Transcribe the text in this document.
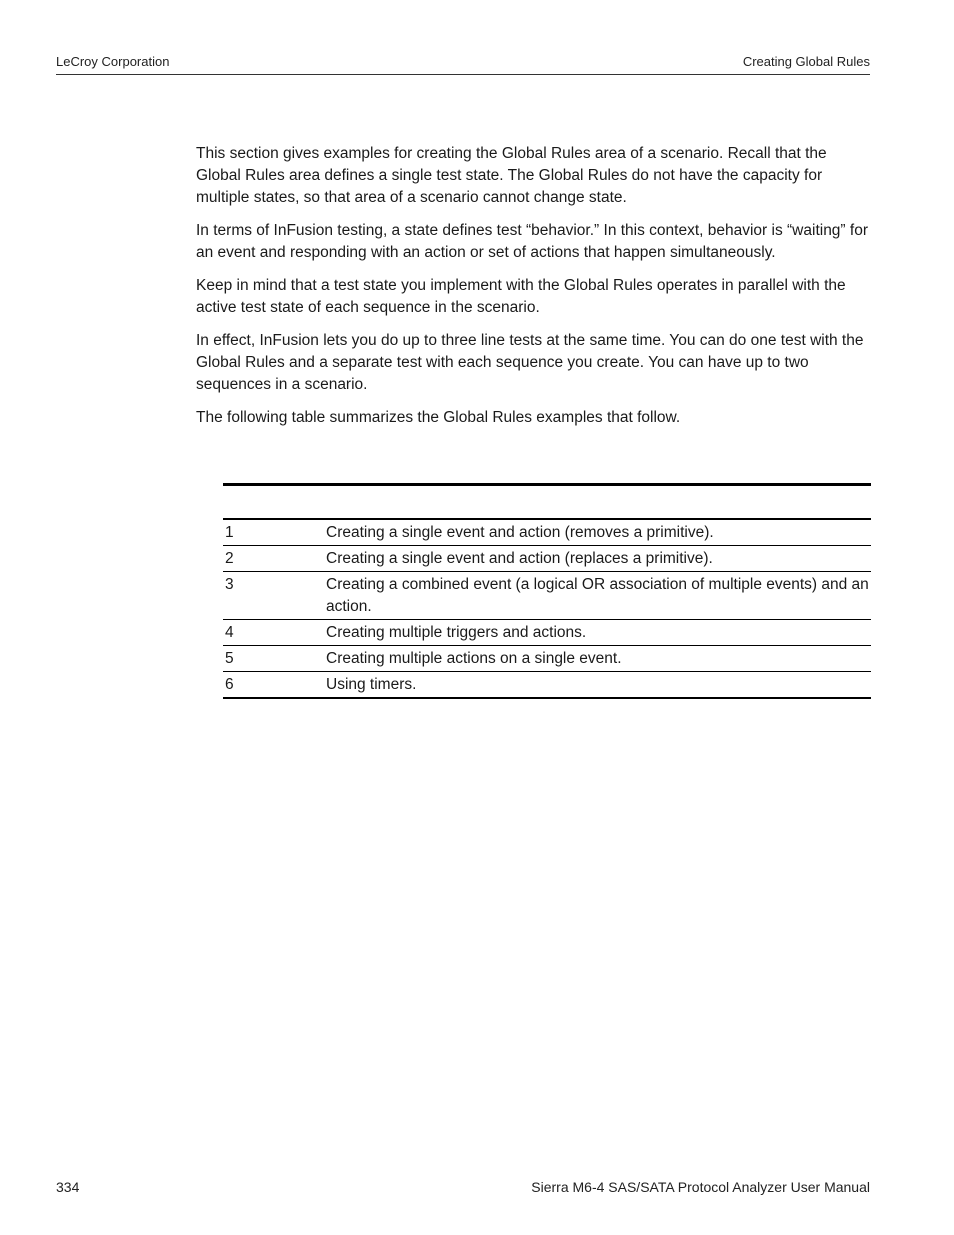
LeCroy Corporation	Creating Global Rules

This section gives examples for creating the Global Rules area of a scenario. Recall that the Global Rules area defines a single test state. The Global Rules do not have the capacity for multiple states, so that area of a scenario cannot change state.

In terms of InFusion testing, a state defines test “behavior.” In this context, behavior is “waiting” for an event and responding with an action or set of actions that happen simultaneously.

Keep in mind that a test state you implement with the Global Rules operates in parallel with the active test state of each sequence in the scenario.

In effect, InFusion lets you do up to three line tests at the same time. You can do one test with the Global Rules and a separate test with each sequence you create. You can have up to two sequences in a scenario.

The following table summarizes the Global Rules examples that follow.

1	Creating a single event and action (removes a primitive).
2	Creating a single event and action (replaces a primitive).
3	Creating a combined event (a logical OR association of multiple events) and an action.
4	Creating multiple triggers and actions.
5	Creating multiple actions on a single event.
6	Using timers.
334	Sierra M6-4 SAS/SATA Protocol Analyzer User Manual
